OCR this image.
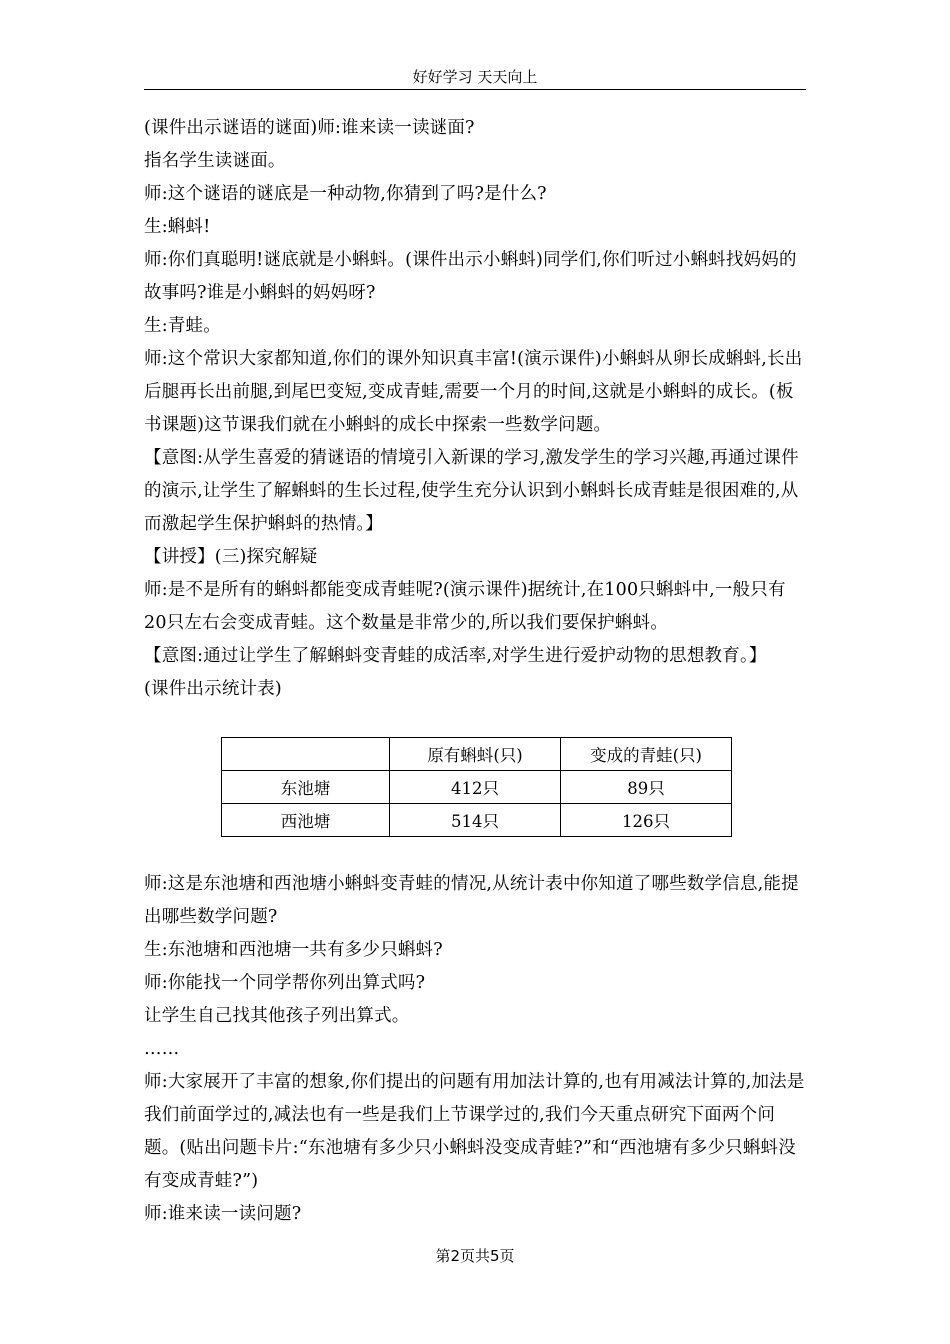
好好学习 天天向上

(课件出示谜语的谜面)师:谁来读一读谜面?

指名学生读谜面。

师:这个谜语的谜底是一种动物,你猜到了吗?是什么?

生:蝌蚪!

师:你们真聪明!谜底就是小蝌蚪。(课件出示小蝌蚪)同学们,你们听过小蝌蚪找妈妈的故事吗?谁是小蝌蚪的妈妈呀?

生:青蛙。

师:这个常识大家都知道,你们的课外知识真丰富!(演示课件)小蝌蚪从卵长成蝌蚪,长出后腿再长出前腿,到尾巴变短,变成青蛙,需要一个月的时间,这就是小蝌蚪的成长。(板书课题)这节课我们就在小蝌蚪的成长中探索一些数学问题。

【意图:从学生喜爱的猜谜语的情境引入新课的学习,激发学生的学习兴趣,再通过课件的演示,让学生了解蝌蚪的生长过程,使学生充分认识到小蝌蚪长成青蛙是很困难的,从而激起学生保护蝌蚪的热情。】

【讲授】(三)探究解疑

师:是不是所有的蝌蚪都能变成青蛙呢?(演示课件)据统计,在100只蝌蚪中,一般只有20只左右会变成青蛙。这个数量是非常少的,所以我们要保护蝌蚪。

【意图:通过让学生了解蝌蚪变青蛙的成活率,对学生进行爱护动物的思想教育。】

(课件出示统计表)

	原有蝌蚪(只)	变成的青蛙(只)
东池塘	412只	89只
西池塘	514只	126只

师:这是东池塘和西池塘小蝌蚪变青蛙的情况,从统计表中你知道了哪些数学信息,能提出哪些数学问题?

生:东池塘和西池塘一共有多少只蝌蚪?

师:你能找一个同学帮你列出算式吗?

让学生自己找其他孩子列出算式。

……

师:大家展开了丰富的想象,你们提出的问题有用加法计算的,也有用减法计算的,加法是我们前面学过的,减法也有一些是我们上节课学过的,我们今天重点研究下面两个问题。(贴出问题卡片:“东池塘有多少只小蝌蚪没变成青蛙?”和“西池塘有多少只蝌蚪没有变成青蛙?”)

师:谁来读一读问题?

第2页共5页
